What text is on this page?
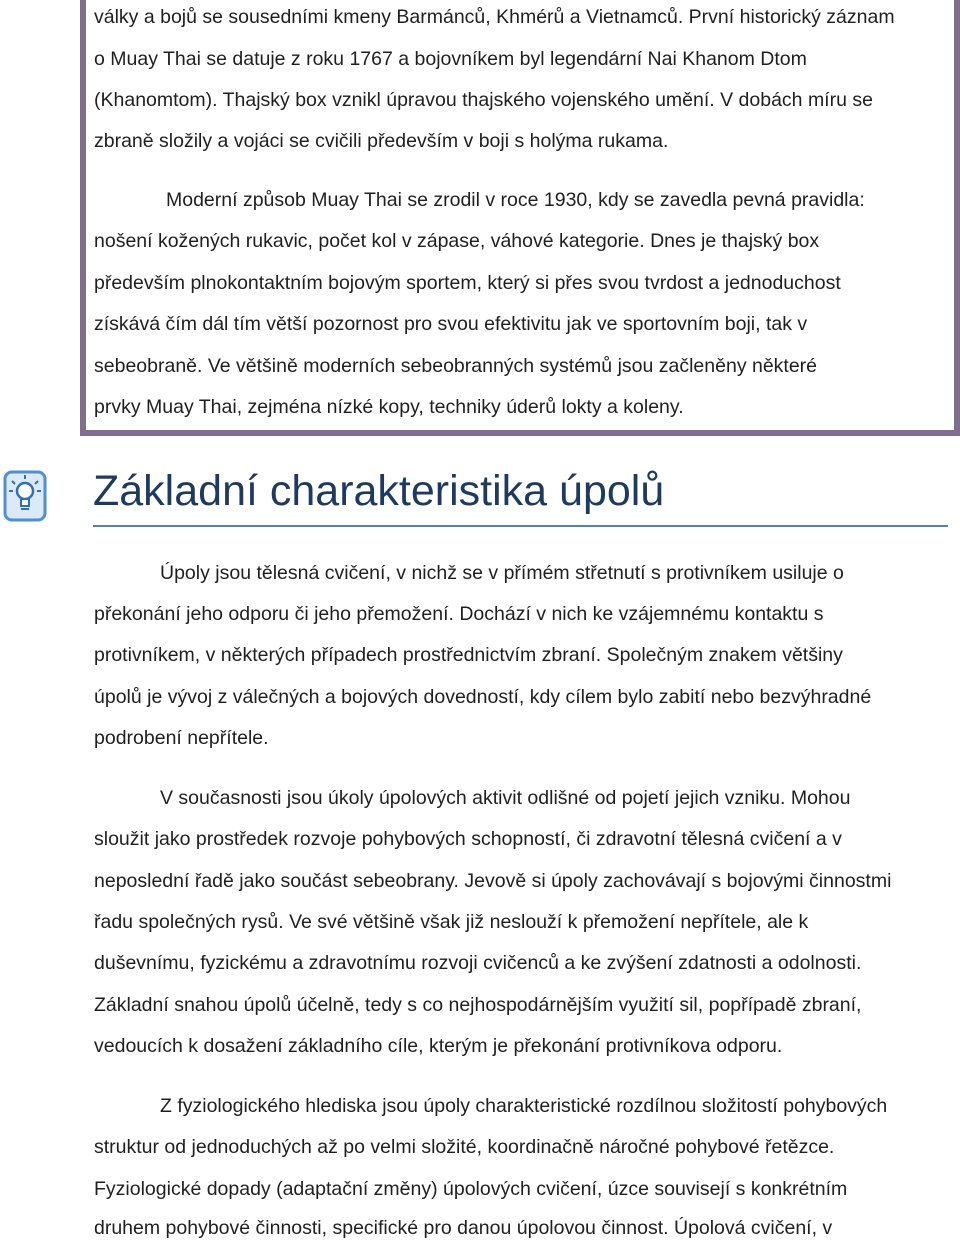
války a bojů se sousedními kmeny Barmánců, Khmérů a Vietnamců. První historický záznam
o Muay Thai se datuje z roku 1767 a bojovníkem byl legendární Nai Khanom Dtom
(Khanomtom). Thajský box vznikl úpravou thajského vojenského umění. V dobách míru se
zbraně složily a vojáci se cvičili především v boji s holýma rukama.
Moderní způsob Muay Thai se zrodil v roce 1930, kdy se zavedla pevná pravidla:
nošení kožených rukavic, počet kol v zápase, váhové kategorie. Dnes je thajský box
především plnokontaktním bojovým sportem, který si přes svou tvrdost a jednoduchost
získává čím dál tím větší pozornost pro svou efektivitu jak ve sportovním boji, tak v
sebeobraně. Ve většině moderních sebeobranných systémů jsou začleněny některé
prvky Muay Thai, zejména nízké kopy, techniky úderů lokty a koleny.
Základní charakteristika úpolů
Úpoly jsou tělesná cvičení, v nichž se v přímém střetnutí s protivníkem usiluje o
překonání jeho odporu či jeho přemožení. Dochází v nich ke vzájemnému kontaktu s
protivníkem, v některých případech prostřednictvím zbraní. Společným znakem většiny
úpolů je vývoj z válečných a bojových dovedností, kdy cílem bylo zabití nebo bezvýhradné
podrobení nepřítele.
V současnosti jsou úkoly úpolových aktivit odlišné od pojetí jejich vzniku. Mohou
sloužit jako prostředek rozvoje pohybových schopností, či zdravotní tělesná cvičení a v
neposlední řadě jako součást sebeobrany. Jevově si úpoly zachovávají s bojovými činnostmi
řadu společných rysů. Ve své většině však již neslouží k přemožení nepřítele, ale k
duševnímu, fyzickému a zdravotnímu rozvoji cvičenců a ke zvýšení zdatnosti a odolnosti.
Základní snahou úpolů účelně, tedy s co nejhospodárnějším využití sil, popřípadě zbraní,
vedoucích k dosažení základního cíle, kterým je překonání protivníkova odporu.
Z fyziologického hlediska jsou úpoly charakteristické rozdílnou složitostí pohybových
struktur od jednoduchých až po velmi složité, koordinačně náročné pohybové řetězce.
Fyziologické dopady (adaptační změny) úpolových cvičení, úzce souvisejí s konkrétním
druhem pohybové činnosti, specifické pro danou úpolovou činnost. Úpolová cvičení, v
